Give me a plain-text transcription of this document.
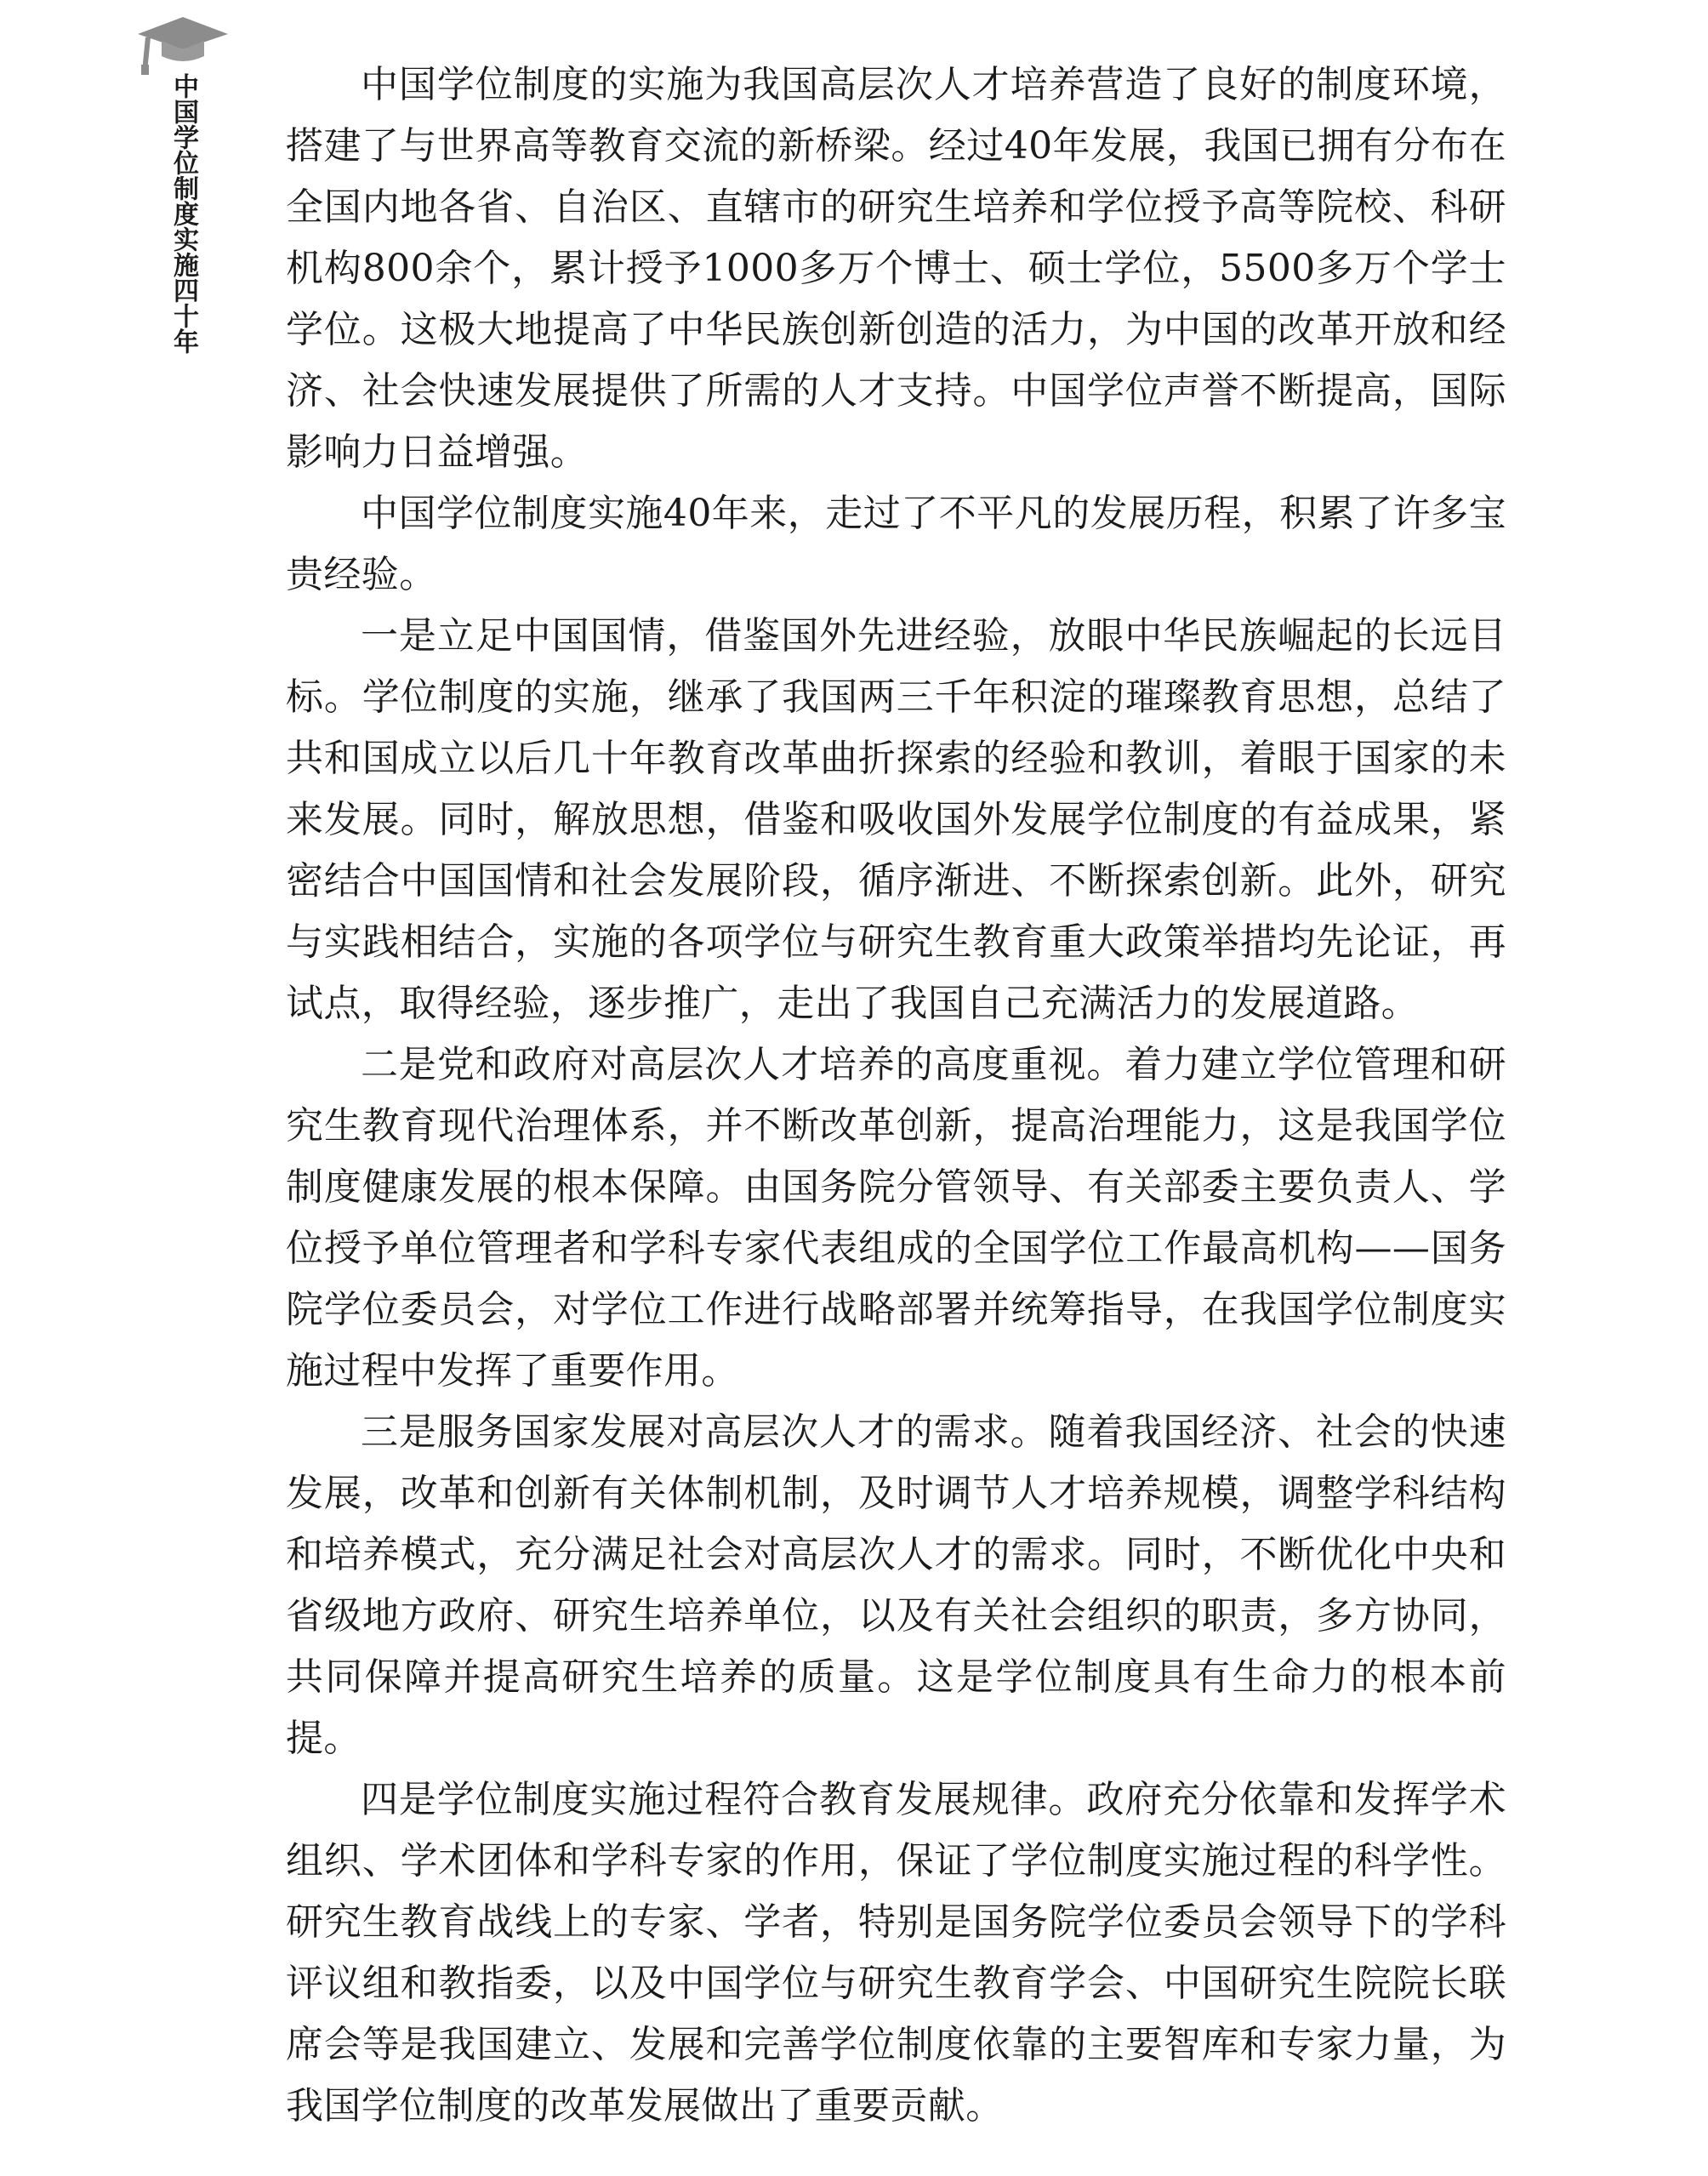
中国学位制度实施四十年	中国学位制度的实施为我国高层次人才培养营造了良好的制度环境，搭建了与世界高等教育交流的新桥梁。经过40年发展，我国已拥有分布在全国内地各省、自治区、直辖市的研究生培养和学位授予高等院校、科研机构800余个，累计授予1000多万个博士、硕士学位，5500多万个学士学位。这极大地提高了中华民族创新创造的活力，为中国的改革开放和经济、社会快速发展提供了所需的人才支持。中国学位声誉不断提高，国际影响力日益增强。

中国学位制度实施40年来，走过了不平凡的发展历程，积累了许多宝贵经验。

一是立足中国国情，借鉴国外先进经验，放眼中华民族崛起的长远目标。学位制度的实施，继承了我国两三千年积淀的璀璨教育思想，总结了共和国成立以后几十年教育改革曲折探索的经验和教训，着眼于国家的未来发展。同时，解放思想，借鉴和吸收国外发展学位制度的有益成果，紧密结合中国国情和社会发展阶段，循序渐进、不断探索创新。此外，研究与实践相结合，实施的各项学位与研究生教育重大政策举措均先论证，再试点，取得经验，逐步推广，走出了我国自己充满活力的发展道路。

二是党和政府对高层次人才培养的高度重视。着力建立学位管理和研究生教育现代治理体系，并不断改革创新，提高治理能力，这是我国学位制度健康发展的根本保障。由国务院分管领导、有关部委主要负责人、学位授予单位管理者和学科专家代表组成的全国学位工作最高机构——国务院学位委员会，对学位工作进行战略部署并统筹指导，在我国学位制度实施过程中发挥了重要作用。

三是服务国家发展对高层次人才的需求。随着我国经济、社会的快速发展，改革和创新有关体制机制，及时调节人才培养规模，调整学科结构和培养模式，充分满足社会对高层次人才的需求。同时，不断优化中央和省级地方政府、研究生培养单位，以及有关社会组织的职责，多方协同，共同保障并提高研究生培养的质量。这是学位制度具有生命力的根本前提。

四是学位制度实施过程符合教育发展规律。政府充分依靠和发挥学术组织、学术团体和学科专家的作用，保证了学位制度实施过程的科学性。研究生教育战线上的专家、学者，特别是国务院学位委员会领导下的学科评议组和教指委，以及中国学位与研究生教育学会、中国研究生院院长联席会等是我国建立、发展和完善学位制度依靠的主要智库和专家力量，为我国学位制度的改革发展做出了重要贡献。
